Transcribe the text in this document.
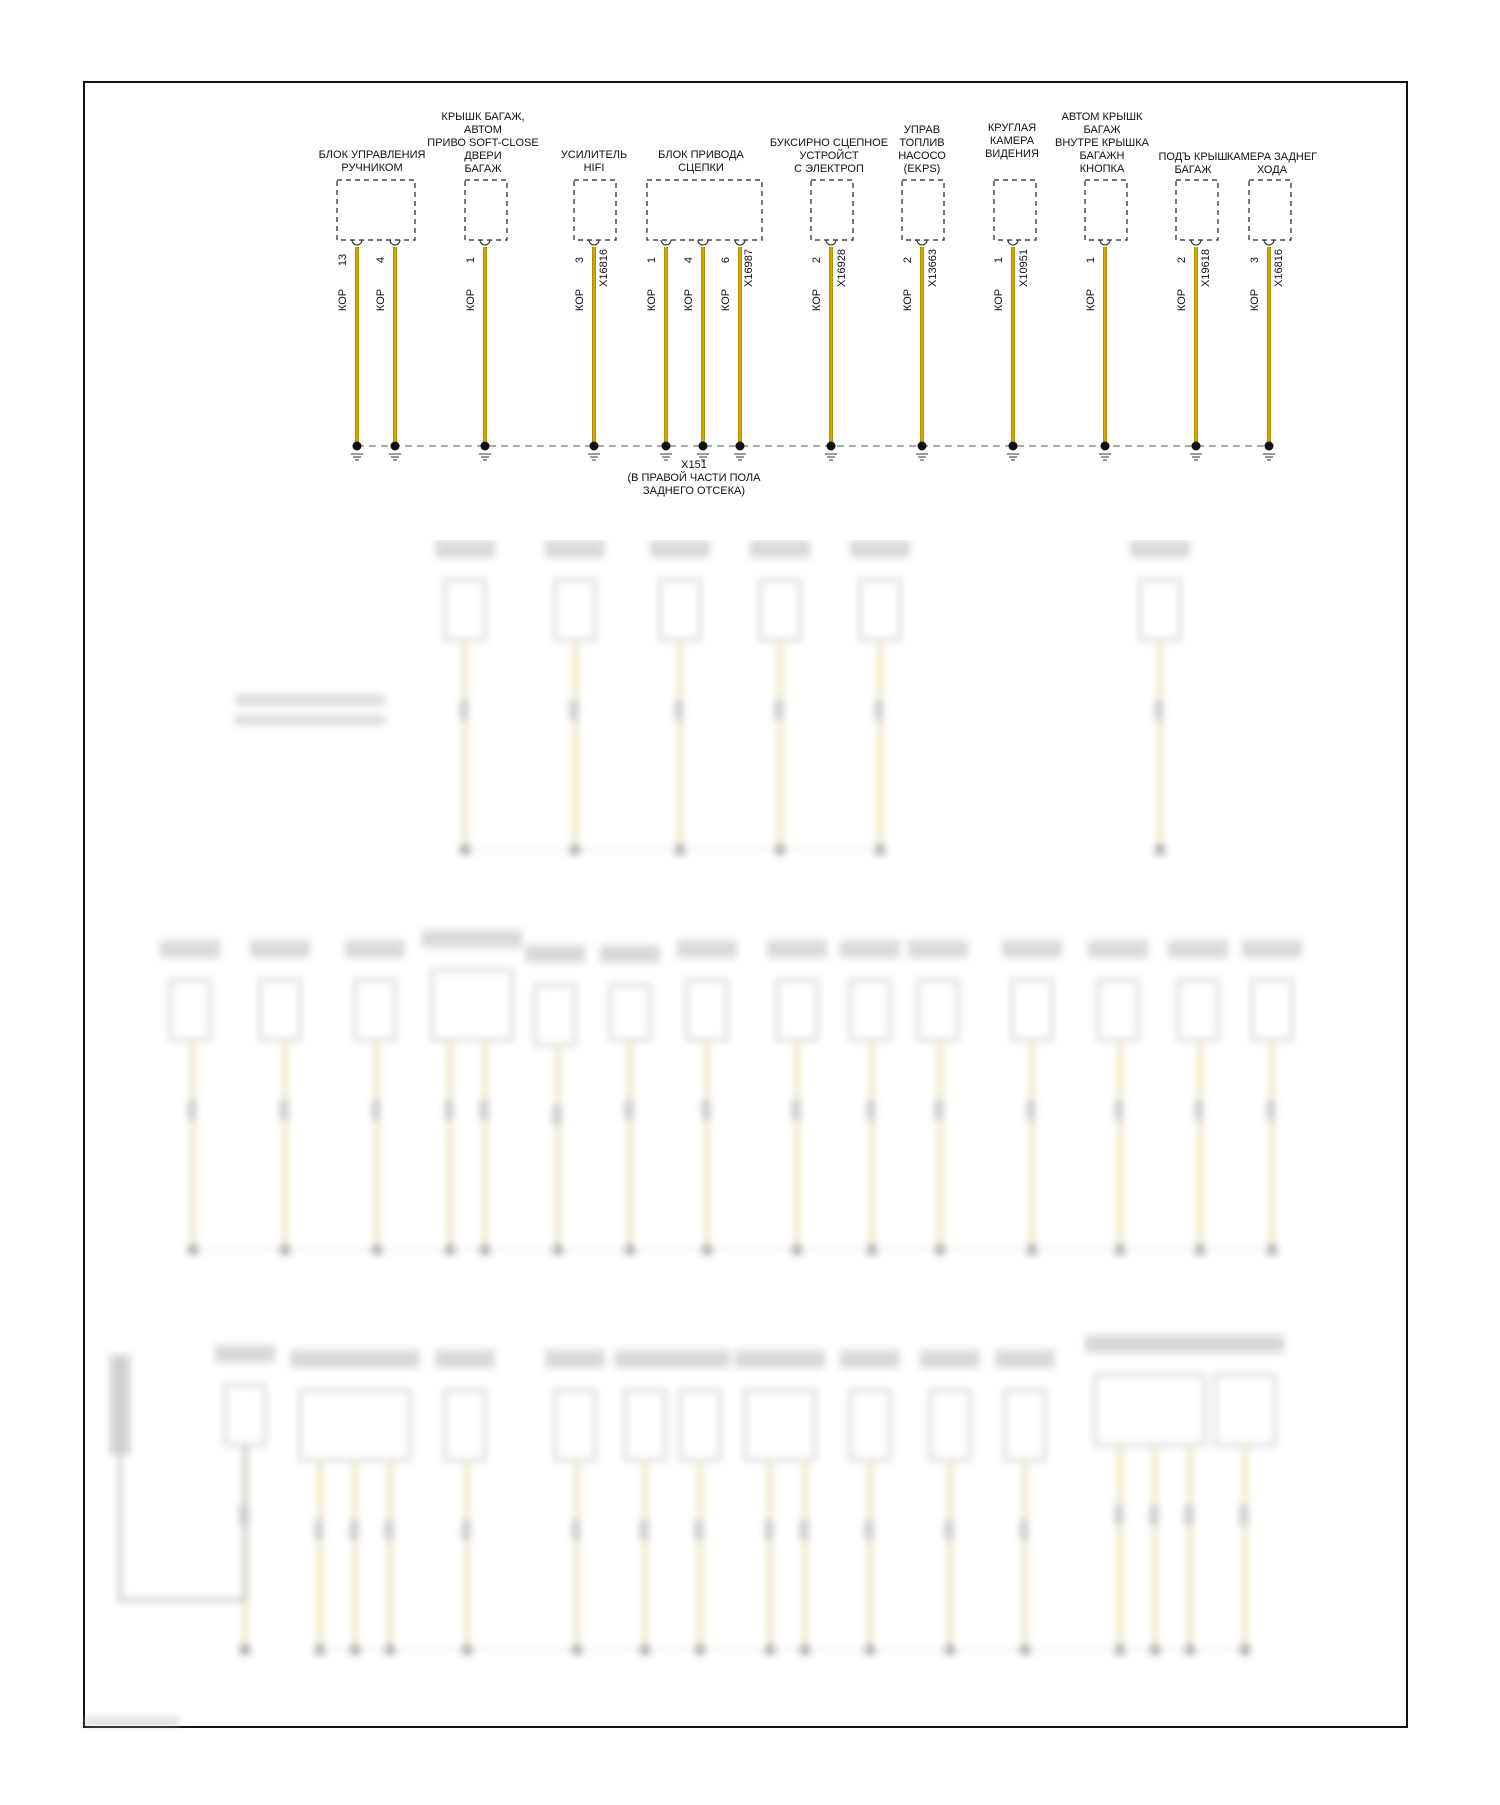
БЛОК УПРАВЛЕНИЯ
РУЧНИКОМ
КРЫШК БАГАЖ,
АВТОМ
ПРИВО SOFT-CLOSE
ДВЕРИ
БАГАЖ
УСИЛИТЕЛЬ
HIFI
БЛОК ПРИВОДА
СЦЕПКИ
БУКСИРНО СЦЕПНОЕ
УСТРОЙСТ
С ЭЛЕКТРОП
УПРАВ
ТОПЛИВ
НАСОСО
(EKPS)
КРУГЛАЯ
КАМЕРА
ВИДЕНИЯ
АВТОМ КРЫШК
БАГАЖ
ВНУТРЕ КРЫШКА
БАГАЖН
КНОПКА
ПОДЪ КРЫШ
БАГАЖ
КАМЕРА ЗАДНЕГ
ХОДА
13
КОР
4
КОР
1
КОР
3
КОР
X16816	1
КОР
4
КОР
6
КОР
X16987	2
КОР
X16928	2
КОР
X13663	1
КОР
X10951	1
КОР
2
КОР
X19618	3
КОР
X16816
X151
(В ПРАВОЙ ЧАСТИ ПОЛА
ЗАДНЕГО ОТСЕКА)
